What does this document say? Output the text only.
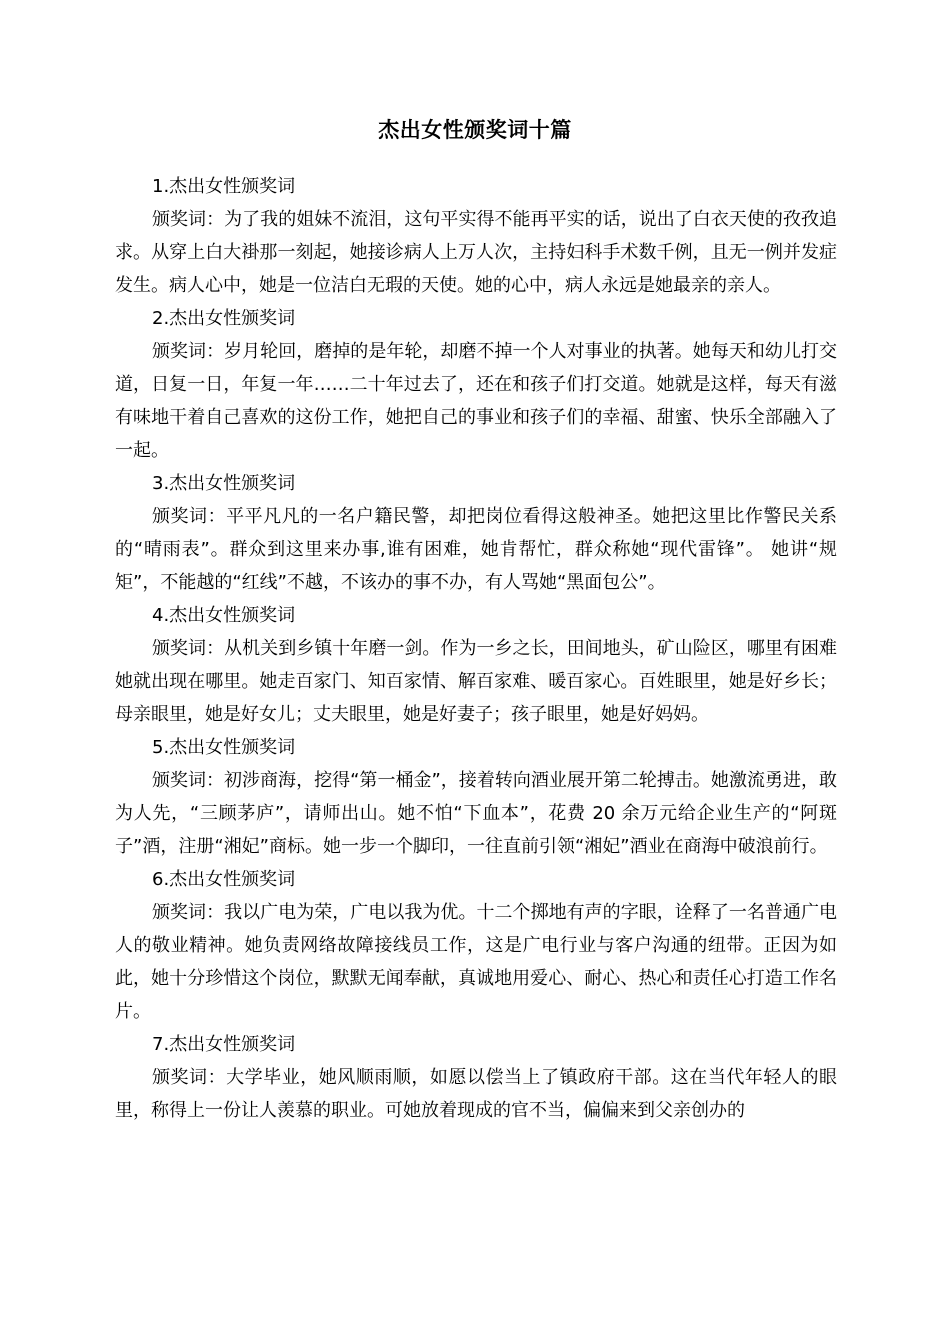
杰出女性颁奖词十篇

1.杰出女性颁奖词

颁奖词：为了我的姐妹不流泪，这句平实得不能再平实的话，说出了白衣天使的孜孜追求。从穿上白大褂那一刻起，她接诊病人上万人次，主持妇科手术数千例，且无一例并发症发生。病人心中，她是一位洁白无瑕的天使。她的心中，病人永远是她最亲的亲人。

2.杰出女性颁奖词

颁奖词：岁月轮回，磨掉的是年轮，却磨不掉一个人对事业的执著。她每天和幼儿打交道，日复一日，年复一年……二十年过去了，还在和孩子们打交道。她就是这样，每天有滋有味地干着自己喜欢的这份工作，她把自己的事业和孩子们的幸福、甜蜜、快乐全部融入了一起。

3.杰出女性颁奖词

颁奖词：平平凡凡的一名户籍民警，却把岗位看得这般神圣。她把这里比作警民关系的“晴雨表”。群众到这里来办事,谁有困难，她肯帮忙，群众称她“现代雷锋”。 她讲“规矩”，不能越的“红线”不越，不该办的事不办，有人骂她“黑面包公”。

4.杰出女性颁奖词

颁奖词：从机关到乡镇十年磨一剑。作为一乡之长，田间地头，矿山险区，哪里有困难她就出现在哪里。她走百家门、知百家情、解百家难、暖百家心。百姓眼里，她是好乡长；母亲眼里，她是好女儿；丈夫眼里，她是好妻子；孩子眼里，她是好妈妈。

5.杰出女性颁奖词

颁奖词：初涉商海，挖得“第一桶金”，接着转向酒业展开第二轮搏击。她激流勇进，敢为人先，“三顾茅庐”，请师出山。她不怕“下血本”，花费 20 余万元给企业生产的“阿斑子”酒，注册“湘妃”商标。她一步一个脚印，一往直前引领“湘妃”酒业在商海中破浪前行。

6.杰出女性颁奖词

颁奖词：我以广电为荣，广电以我为优。十二个掷地有声的字眼，诠释了一名普通广电人的敬业精神。她负责网络故障接线员工作，这是广电行业与客户沟通的纽带。正因为如此，她十分珍惜这个岗位，默默无闻奉献，真诚地用爱心、耐心、热心和责任心打造工作名片。

7.杰出女性颁奖词

颁奖词：大学毕业，她风顺雨顺，如愿以偿当上了镇政府干部。这在当代年轻人的眼里，称得上一份让人羡慕的职业。可她放着现成的官不当，偏偏来到父亲创办的
